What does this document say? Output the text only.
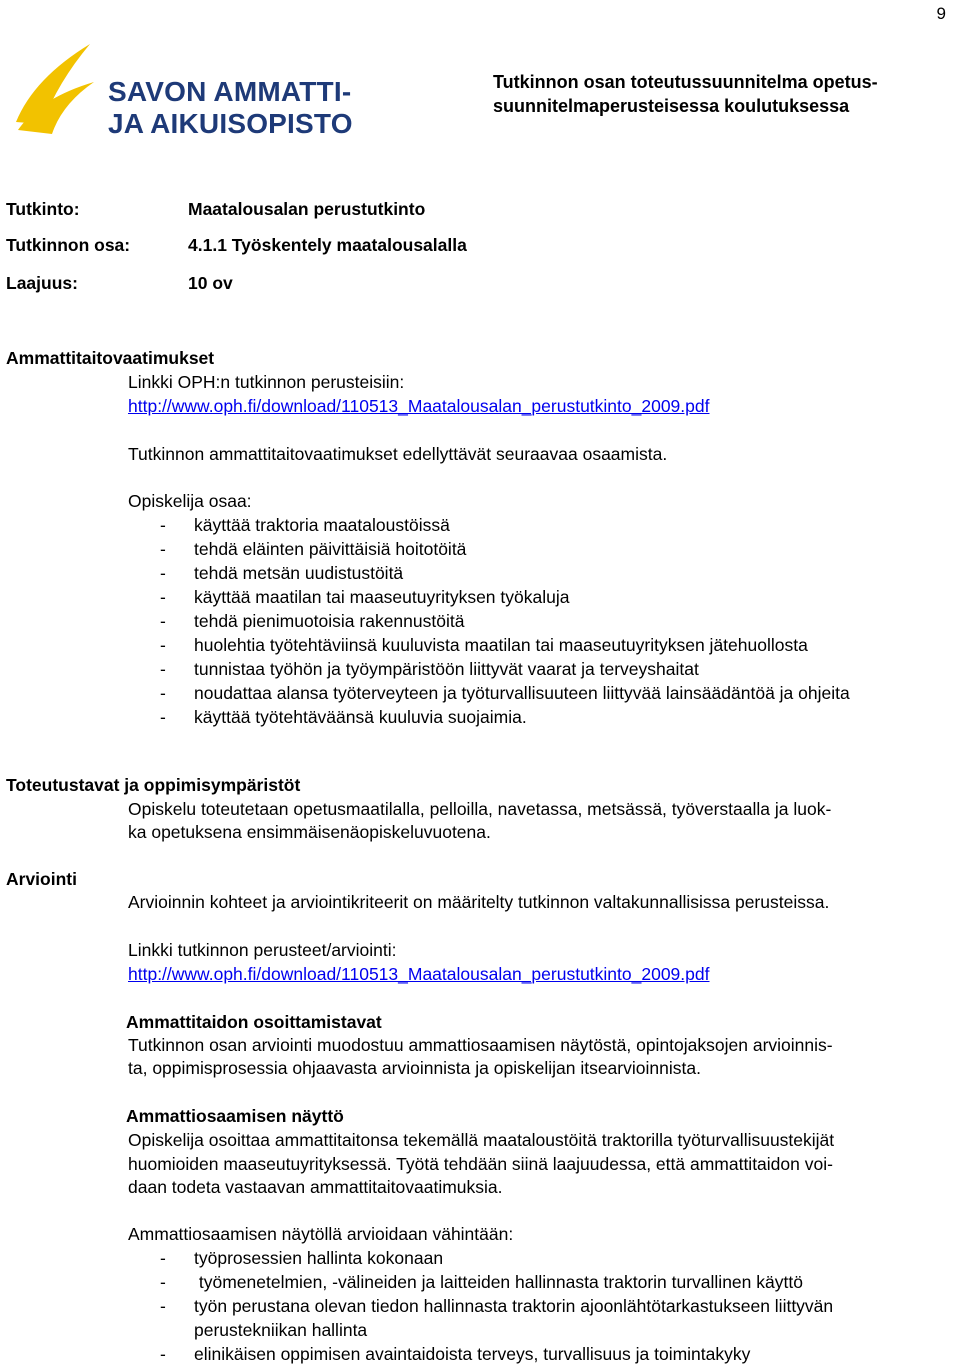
9
SAVON AMMATTI-
JA AIKUISOPISTO
Tutkinnon osan toteutussuunnitelma opetus-
suunnitelmaperusteisessa koulutuksessa
Tutkinto:	Maatalousalan perustutkinto
Tutkinnon osa:	4.1.1 Työskentely maatalousalalla
Laajuus:	10 ov
Ammattitaitovaatimukset
Linkki OPH:n tutkinnon perusteisiin:
http://www.oph.fi/download/110513_Maatalousalan_perustutkinto_2009.pdf
Tutkinnon ammattitaitovaatimukset edellyttävät seuraavaa osaamista.
Opiskelija osaa:
- käyttää traktoria maataloustöissä
- tehdä eläinten päivittäisiä hoitotöitä
- tehdä metsän uudistustöitä
- käyttää maatilan tai maaseutuyrityksen työkaluja
- tehdä pienimuotoisia rakennustöitä
- huolehtia työtehtäviinsä kuuluvista maatilan tai maaseutuyrityksen jätehuollosta
- tunnistaa työhön ja työympäristöön liittyvät vaarat ja terveyshaitat
- noudattaa alansa työterveyteen ja työturvallisuuteen liittyvää lainsäädäntöä ja ohjeita
- käyttää työtehtäväänsä kuuluvia suojaimia.
Toteutustavat ja oppimisympäristöt
Opiskelu toteutetaan opetusmaatilalla, pelloilla, navetassa, metsässä, työverstaalla ja luok-
ka opetuksena ensimmäisenäopiskeluvuotena.
Arviointi
Arvioinnin kohteet ja arviointikriteerit on määritelty tutkinnon valtakunnallisissa perusteissa.
Linkki tutkinnon perusteet/arviointi:
http://www.oph.fi/download/110513_Maatalousalan_perustutkinto_2009.pdf
Ammattitaidon osoittamistavat
Tutkinnon osan arviointi muodostuu ammattiosaamisen näytöstä, opintojaksojen arvioinnis-
ta, oppimisprosessia ohjaavasta arvioinnista ja opiskelijan itsearvioinnista.
Ammattiosaamisen näyttö
Opiskelija osoittaa ammattitaitonsa tekemällä maataloustöitä traktorilla työturvallisuustekijät
huomioiden maaseutuyrityksessä. Työtä tehdään siinä laajuudessa, että ammattitaidon voi-
daan todeta vastaavan ammattitaitovaatimuksia.
Ammattiosaamisen näytöllä arvioidaan vähintään:
- työprosessien hallinta kokonaan
-  työmenetelmien, -välineiden ja laitteiden hallinnasta traktorin turvallinen käyttö
- työn perustana olevan tiedon hallinnasta traktorin ajoonlähtötarkastukseen liittyvän perustekniikan hallinta
- elinikäisen oppimisen avaintaidoista terveys, turvallisuus ja toimintakyky
